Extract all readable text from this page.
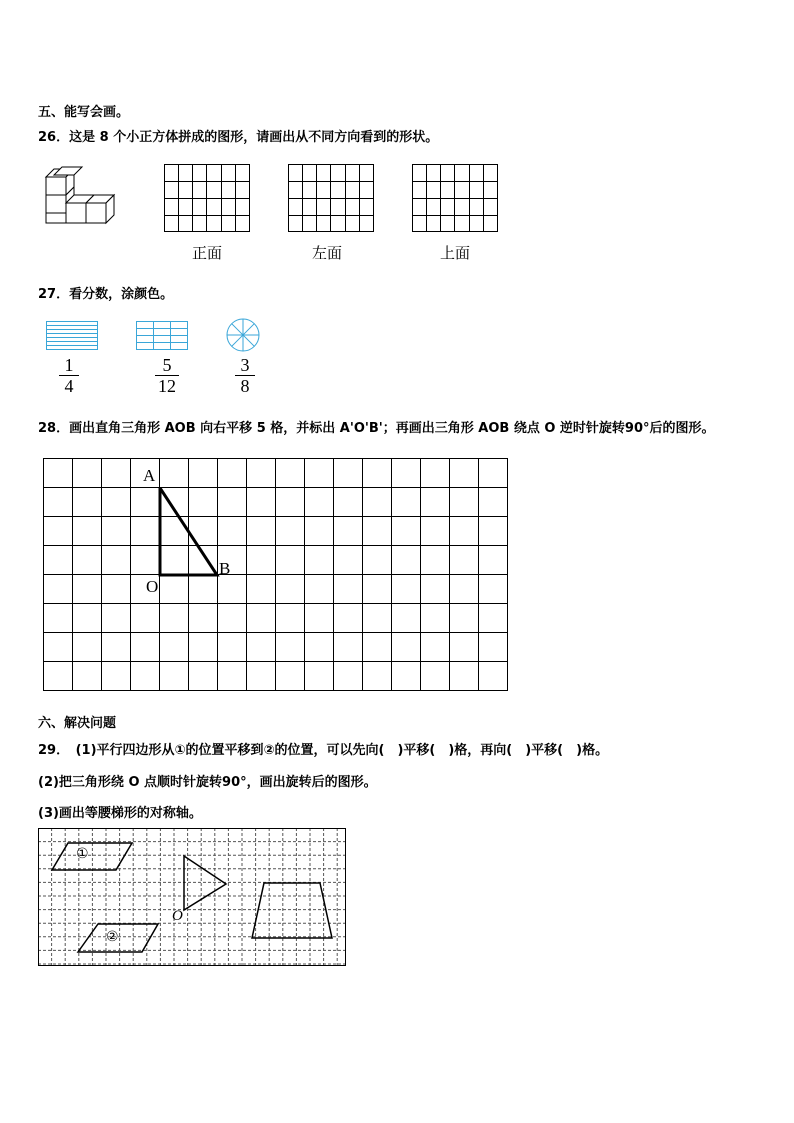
五、能写会画。
26．这是 8 个小正方体拼成的图形，请画出从不同方向看到的形状。
正面	左面	上面
27．看分数，涂颜色。
1
4
5
12
3
8
28．画出直角三角形 AOB 向右平移 5 格，并标出 A'O'B'；再画出三角形 AOB 绕点 O 逆时针旋转90°后的图形。
A
B
O
六、解决问题
29．　(1)平行四边形从①的位置平移到②的位置，可以先向(　)平移(　)格，再向(　)平移(　)格。
(2)把三角形绕 O 点顺时针旋转90°，画出旋转后的图形。
(3)画出等腰梯形的对称轴。
①
②
O
